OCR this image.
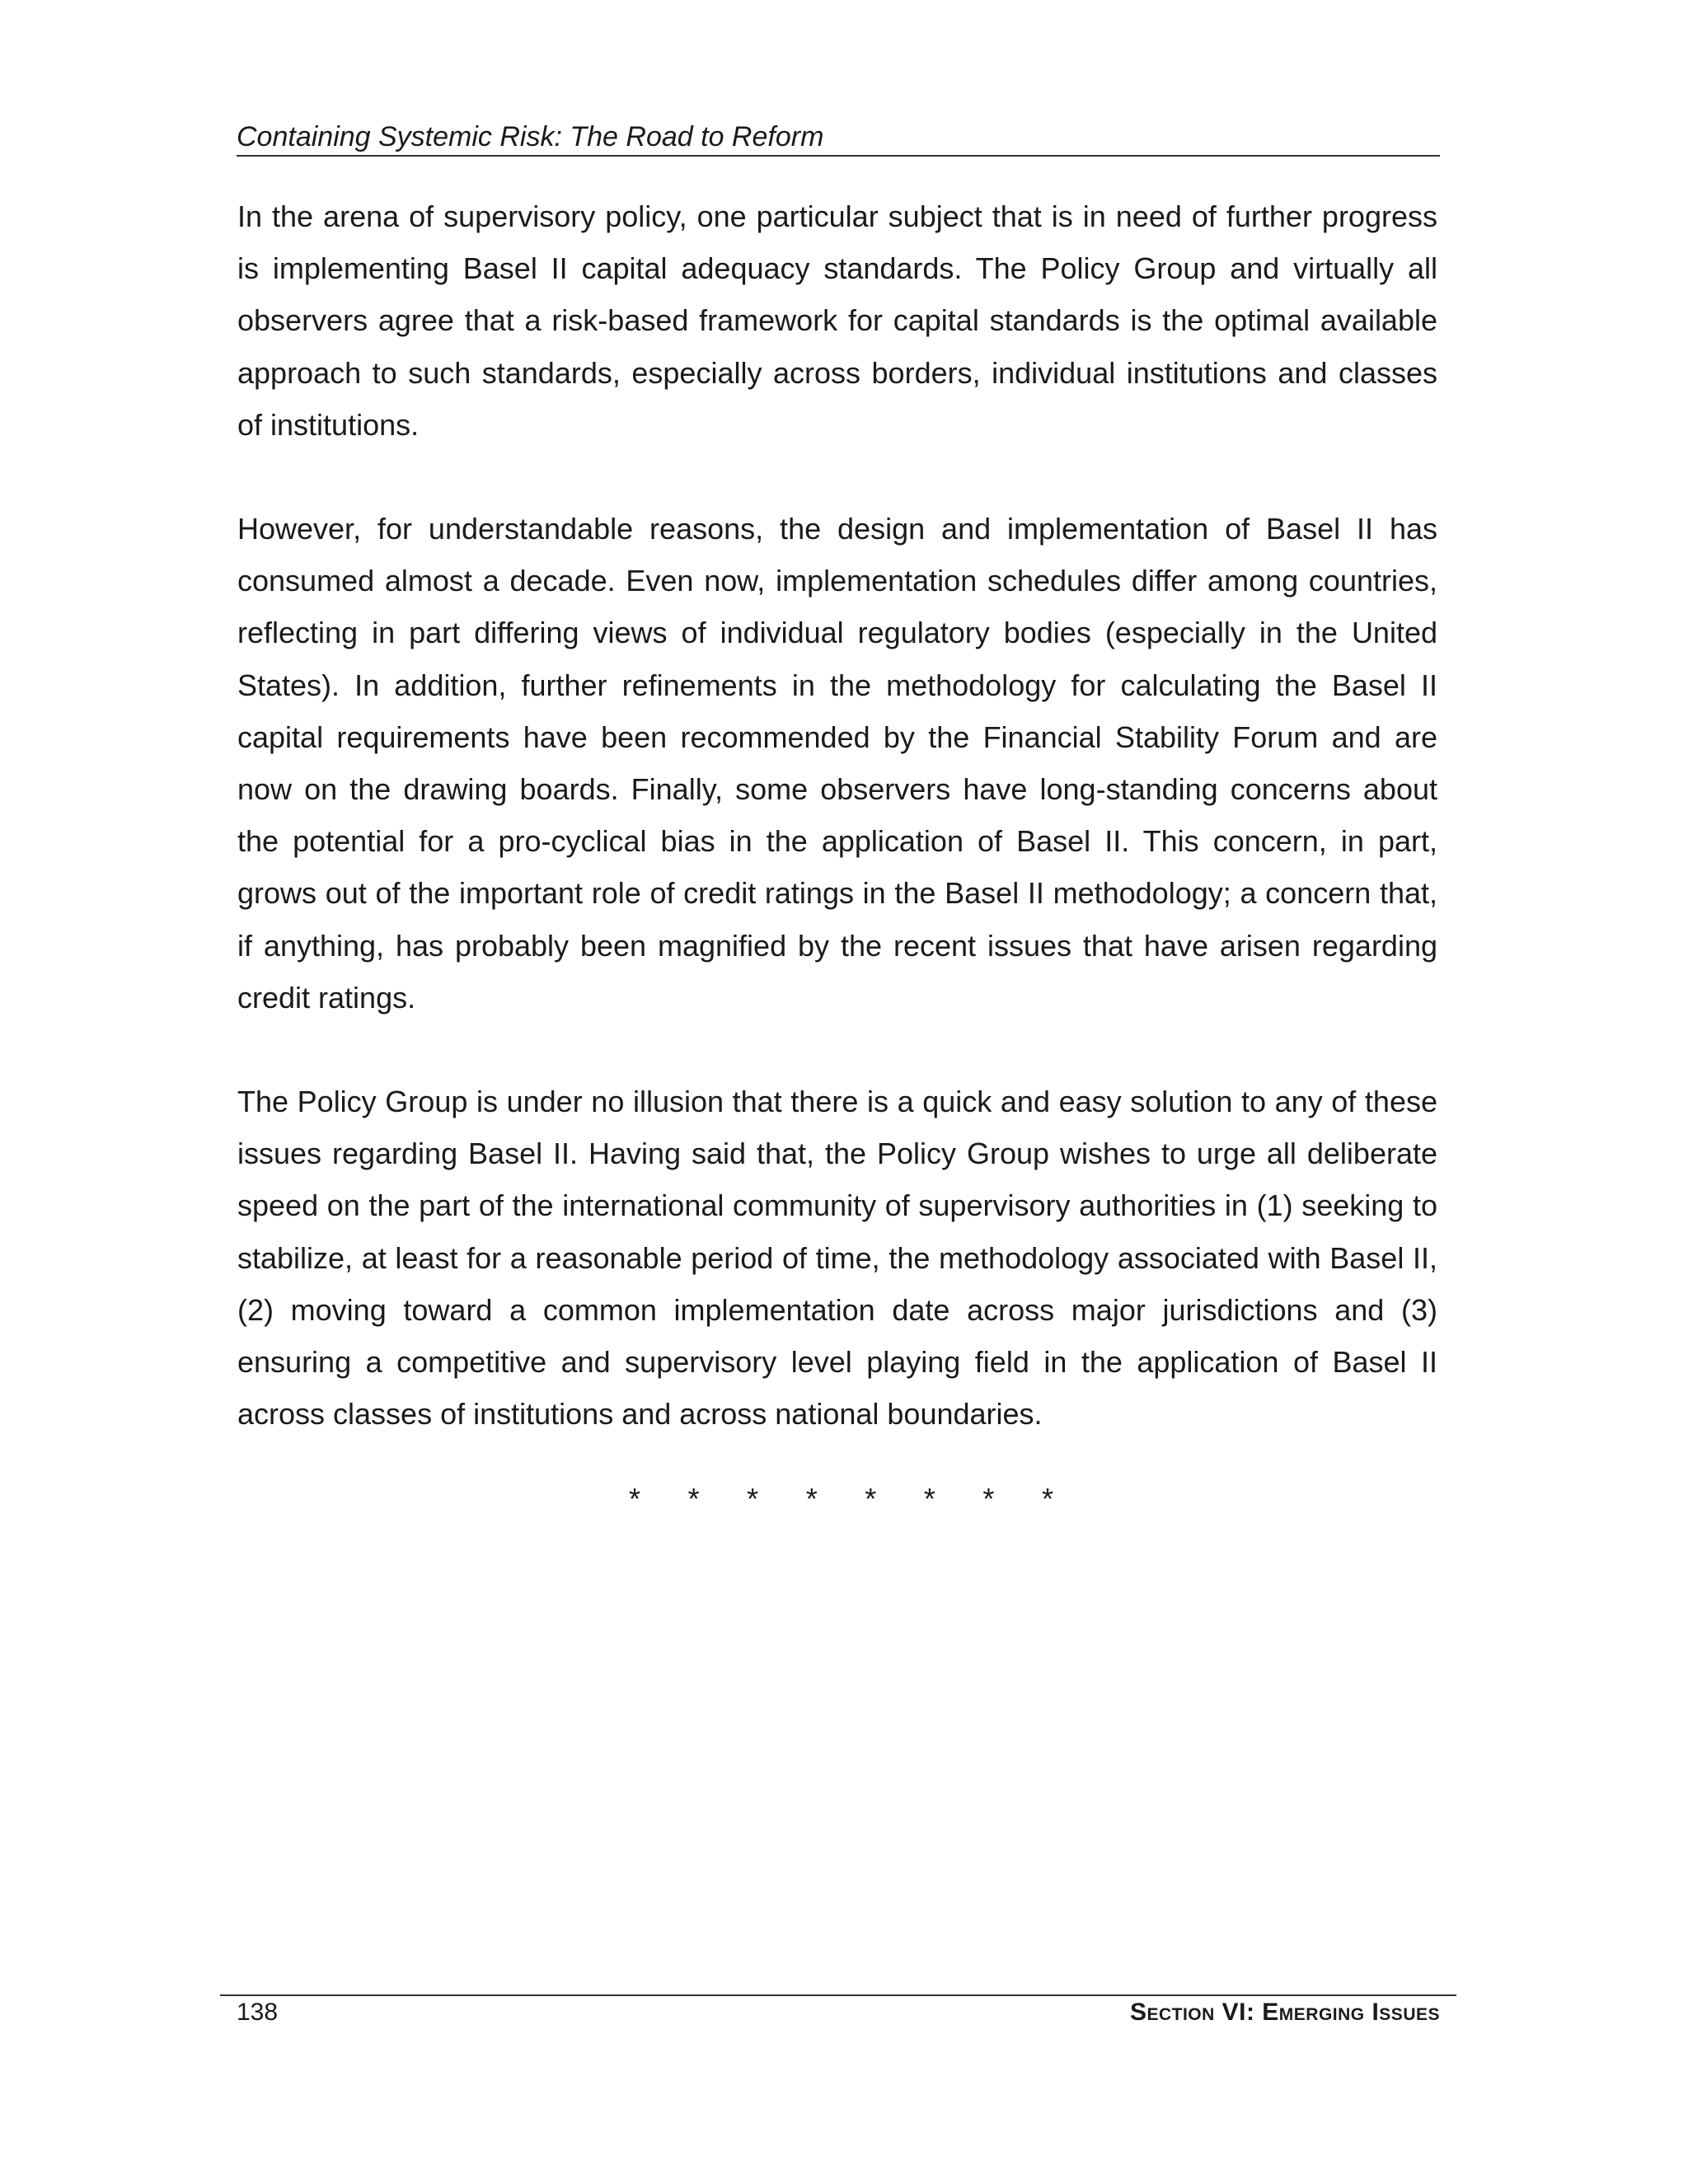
Containing Systemic Risk: The Road to Reform

In the arena of supervisory policy, one particular subject that is in need of further progress is implementing Basel II capital adequacy standards. The Policy Group and virtually all observers agree that a risk-based framework for capital standards is the optimal available approach to such standards, especially across borders, individual institutions and classes of institutions.

However, for understandable reasons, the design and implementation of Basel II has consumed almost a decade. Even now, implementation schedules differ among countries, reflecting in part differing views of individual regulatory bodies (especially in the United States). In addition, further refinements in the methodology for calculating the Basel II capital requirements have been recommended by the Financial Stability Forum and are now on the drawing boards. Finally, some observers have long-standing concerns about the potential for a pro-cyclical bias in the application of Basel II. This concern, in part, grows out of the important role of credit ratings in the Basel II methodology; a concern that, if anything, has probably been magnified by the recent issues that have arisen regarding credit ratings.

The Policy Group is under no illusion that there is a quick and easy solution to any of these issues regarding Basel II. Having said that, the Policy Group wishes to urge all deliberate speed on the part of the international community of supervisory authorities in (1) seeking to stabilize, at least for a reasonable period of time, the methodology associated with Basel II, (2) moving toward a common implementation date across major jurisdictions and (3) ensuring a competitive and supervisory level playing field in the application of Basel II across classes of institutions and across national boundaries.

* * * * * * * *
138	Section VI: Emerging Issues
